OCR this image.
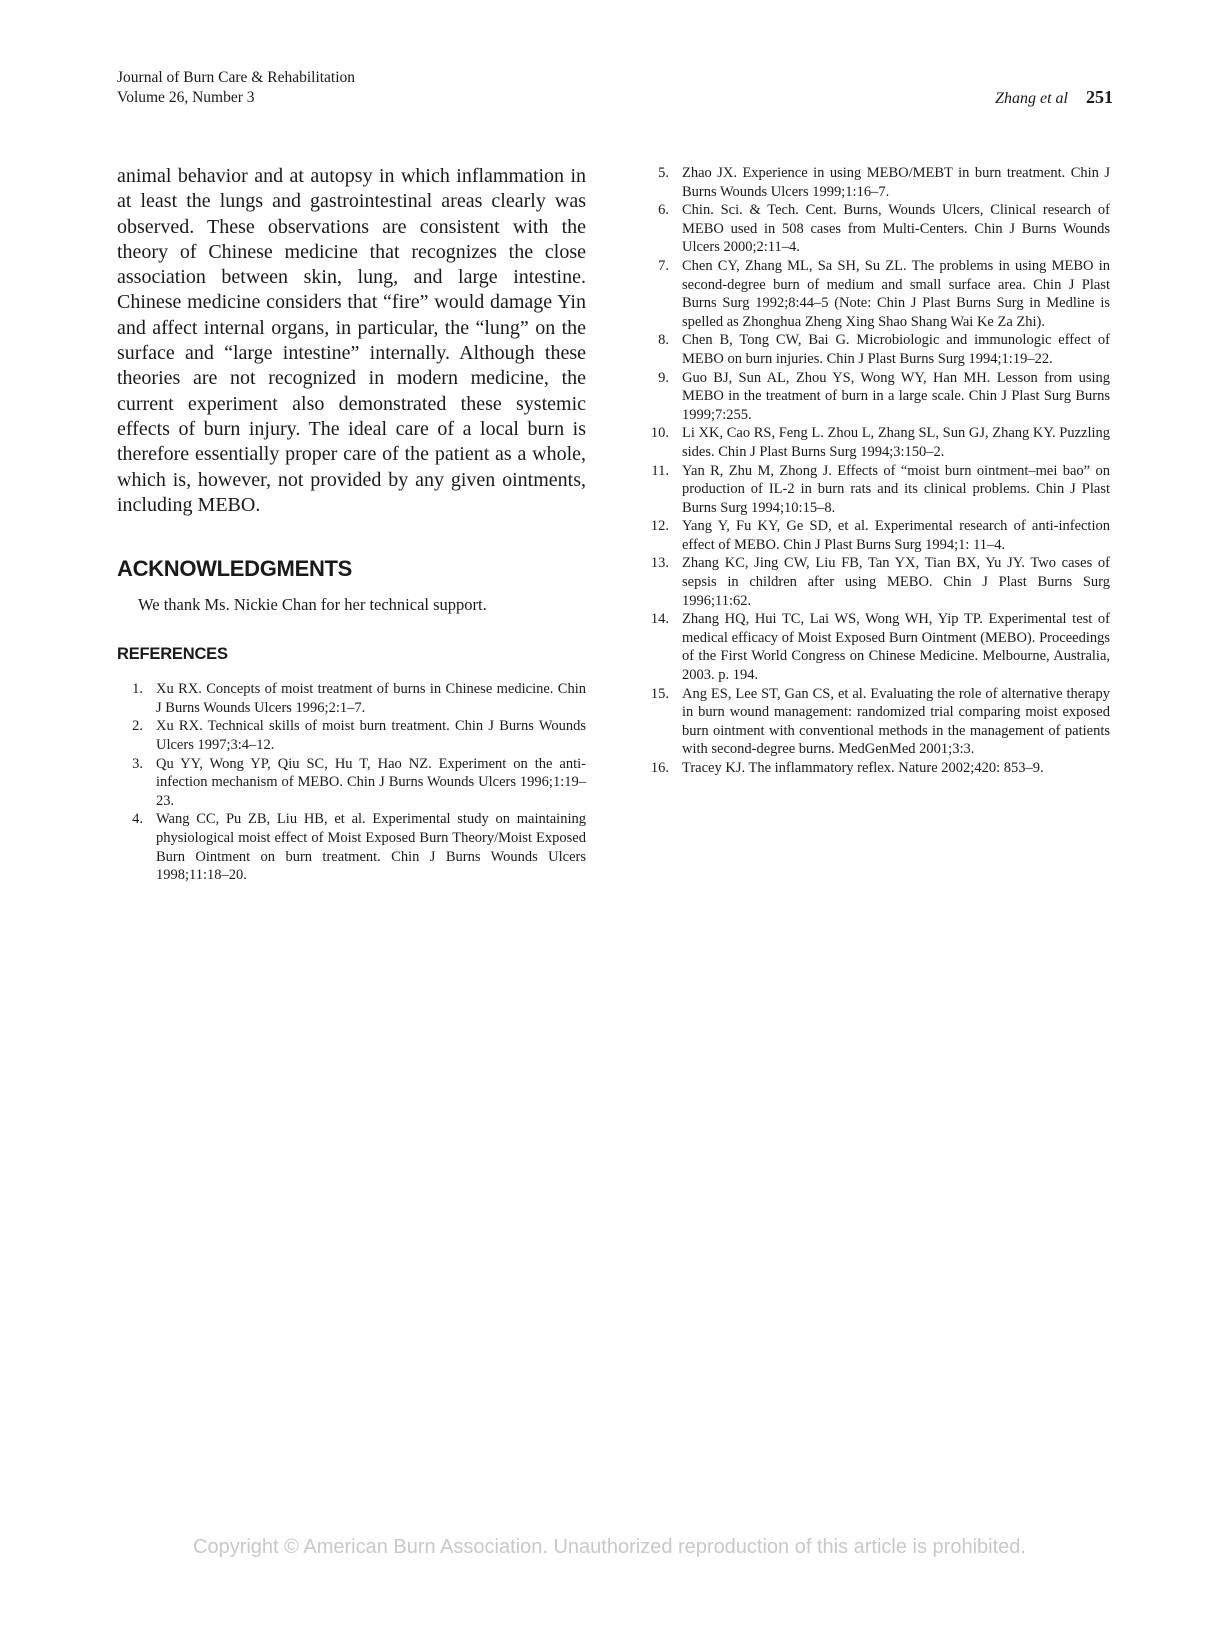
Journal of Burn Care & Rehabilitation
Volume 26, Number 3	Zhang et al 251

animal behavior and at autopsy in which inflammation in at least the lungs and gastrointestinal areas clearly was observed. These observations are consistent with the theory of Chinese medicine that recognizes the close association between skin, lung, and large intestine. Chinese medicine considers that “fire” would damage Yin and affect internal organs, in particular, the “lung” on the surface and “large intestine” internally. Although these theories are not recognized in modern medicine, the current experiment also demonstrated these systemic effects of burn injury. The ideal care of a local burn is therefore essentially proper care of the patient as a whole, which is, however, not provided by any given ointments, including MEBO.

ACKNOWLEDGMENTS

We thank Ms. Nickie Chan for her technical support.

REFERENCES
1. Xu RX. Concepts of moist treatment of burns in Chinese medicine. Chin J Burns Wounds Ulcers 1996;2:1–7.
2. Xu RX. Technical skills of moist burn treatment. Chin J Burns Wounds Ulcers 1997;3:4–12.
3. Qu YY, Wong YP, Qiu SC, Hu T, Hao NZ. Experiment on the anti-infection mechanism of MEBO. Chin J Burns Wounds Ulcers 1996;1:19–23.
4. Wang CC, Pu ZB, Liu HB, et al. Experimental study on maintaining physiological moist effect of Moist Exposed Burn Theory/Moist Exposed Burn Ointment on burn treatment. Chin J Burns Wounds Ulcers 1998;11:18–20.
5. Zhao JX. Experience in using MEBO/MEBT in burn treatment. Chin J Burns Wounds Ulcers 1999;1:16–7.
6. Chin. Sci. & Tech. Cent. Burns, Wounds Ulcers, Clinical research of MEBO used in 508 cases from Multi-Centers. Chin J Burns Wounds Ulcers 2000;2:11–4.
7. Chen CY, Zhang ML, Sa SH, Su ZL. The problems in using MEBO in second-degree burn of medium and small surface area. Chin J Plast Burns Surg 1992;8:44–5 (Note: Chin J Plast Burns Surg in Medline is spelled as Zhonghua Zheng Xing Shao Shang Wai Ke Za Zhi).
8. Chen B, Tong CW, Bai G. Microbiologic and immunologic effect of MEBO on burn injuries. Chin J Plast Burns Surg 1994;1:19–22.
9. Guo BJ, Sun AL, Zhou YS, Wong WY, Han MH. Lesson from using MEBO in the treatment of burn in a large scale. Chin J Plast Surg Burns 1999;7:255.
10. Li XK, Cao RS, Feng L. Zhou L, Zhang SL, Sun GJ, Zhang KY. Puzzling sides. Chin J Plast Burns Surg 1994;3:150–2.
11. Yan R, Zhu M, Zhong J. Effects of “moist burn ointment–mei bao” on production of IL-2 in burn rats and its clinical problems. Chin J Plast Burns Surg 1994;10:15–8.
12. Yang Y, Fu KY, Ge SD, et al. Experimental research of anti-infection effect of MEBO. Chin J Plast Burns Surg 1994;1: 11–4.
13. Zhang KC, Jing CW, Liu FB, Tan YX, Tian BX, Yu JY. Two cases of sepsis in children after using MEBO. Chin J Plast Burns Surg 1996;11:62.
14. Zhang HQ, Hui TC, Lai WS, Wong WH, Yip TP. Experimental test of medical efficacy of Moist Exposed Burn Ointment (MEBO). Proceedings of the First World Congress on Chinese Medicine. Melbourne, Australia, 2003. p. 194.
15. Ang ES, Lee ST, Gan CS, et al. Evaluating the role of alternative therapy in burn wound management: randomized trial comparing moist exposed burn ointment with conventional methods in the management of patients with second-degree burns. MedGenMed 2001;3:3.
16. Tracey KJ. The inflammatory reflex. Nature 2002;420: 853–9.
Copyright © American Burn Association. Unauthorized reproduction of this article is prohibited.
